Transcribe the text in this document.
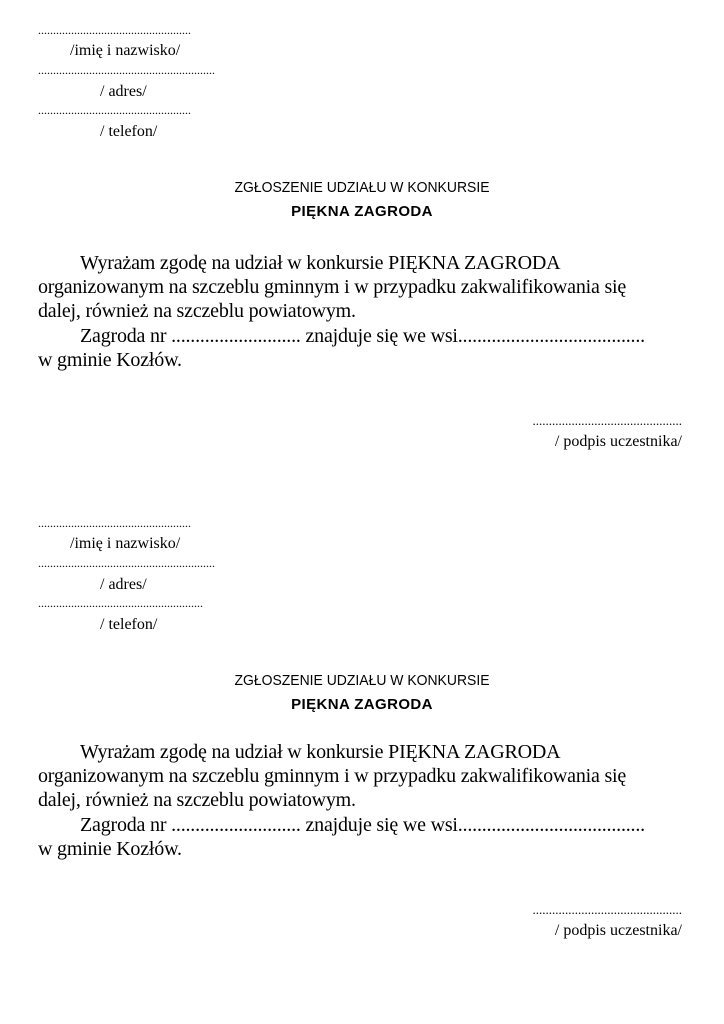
...................................................
/imię i nazwisko/
...........................................................
/ adres/
...................................................
/ telefon/
ZGŁOSZENIE UDZIAŁU W KONKURSIE
PIĘKNA ZAGRODA
Wyrażam zgodę na udział w konkursie PIĘKNA ZAGRODA
organizowanym na szczeblu gminnym i w przypadku zakwalifikowania się
dalej, również na szczeblu powiatowym.
Zagroda nr ........................... znajduje się we wsi.......................................
w gminie Kozłów.
..............................................
/ podpis uczestnika/
...................................................
/imię i nazwisko/
...........................................................
/ adres/
.......................................................
/ telefon/
ZGŁOSZENIE UDZIAŁU W KONKURSIE
PIĘKNA ZAGRODA
Wyrażam zgodę na udział w konkursie PIĘKNA ZAGRODA
organizowanym na szczeblu gminnym i w przypadku zakwalifikowania się
dalej, również na szczeblu powiatowym.
Zagroda nr ........................... znajduje się we wsi.......................................
w gminie Kozłów.
..............................................
/ podpis uczestnika/
